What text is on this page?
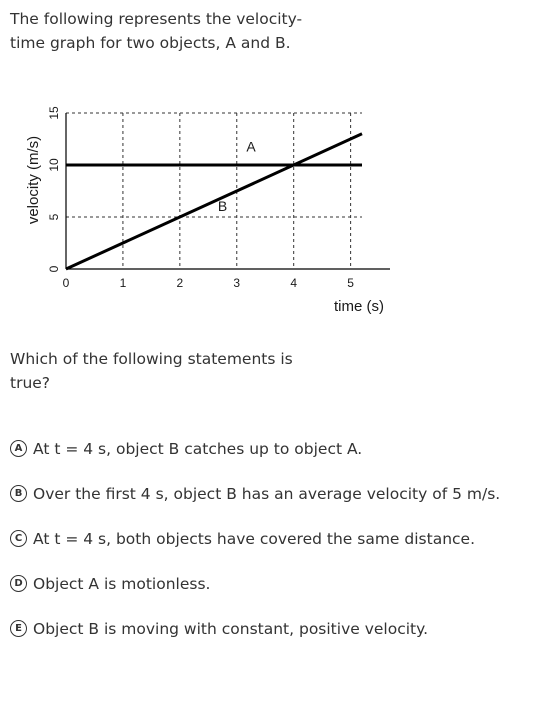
The following represents the velocity-time graph for two objects, A and B.

0	1	2	3	4	5
0
5
10
15
A
B
velocity (m/s)
time (s)

Which of the following statements is true?

A At t = 4 s, object B catches up to object A.
B Over the first 4 s, object B has an average velocity of 5 m/s.
C At t = 4 s, both objects have covered the same distance.
D Object A is motionless.
E Object B is moving with constant, positive velocity.
